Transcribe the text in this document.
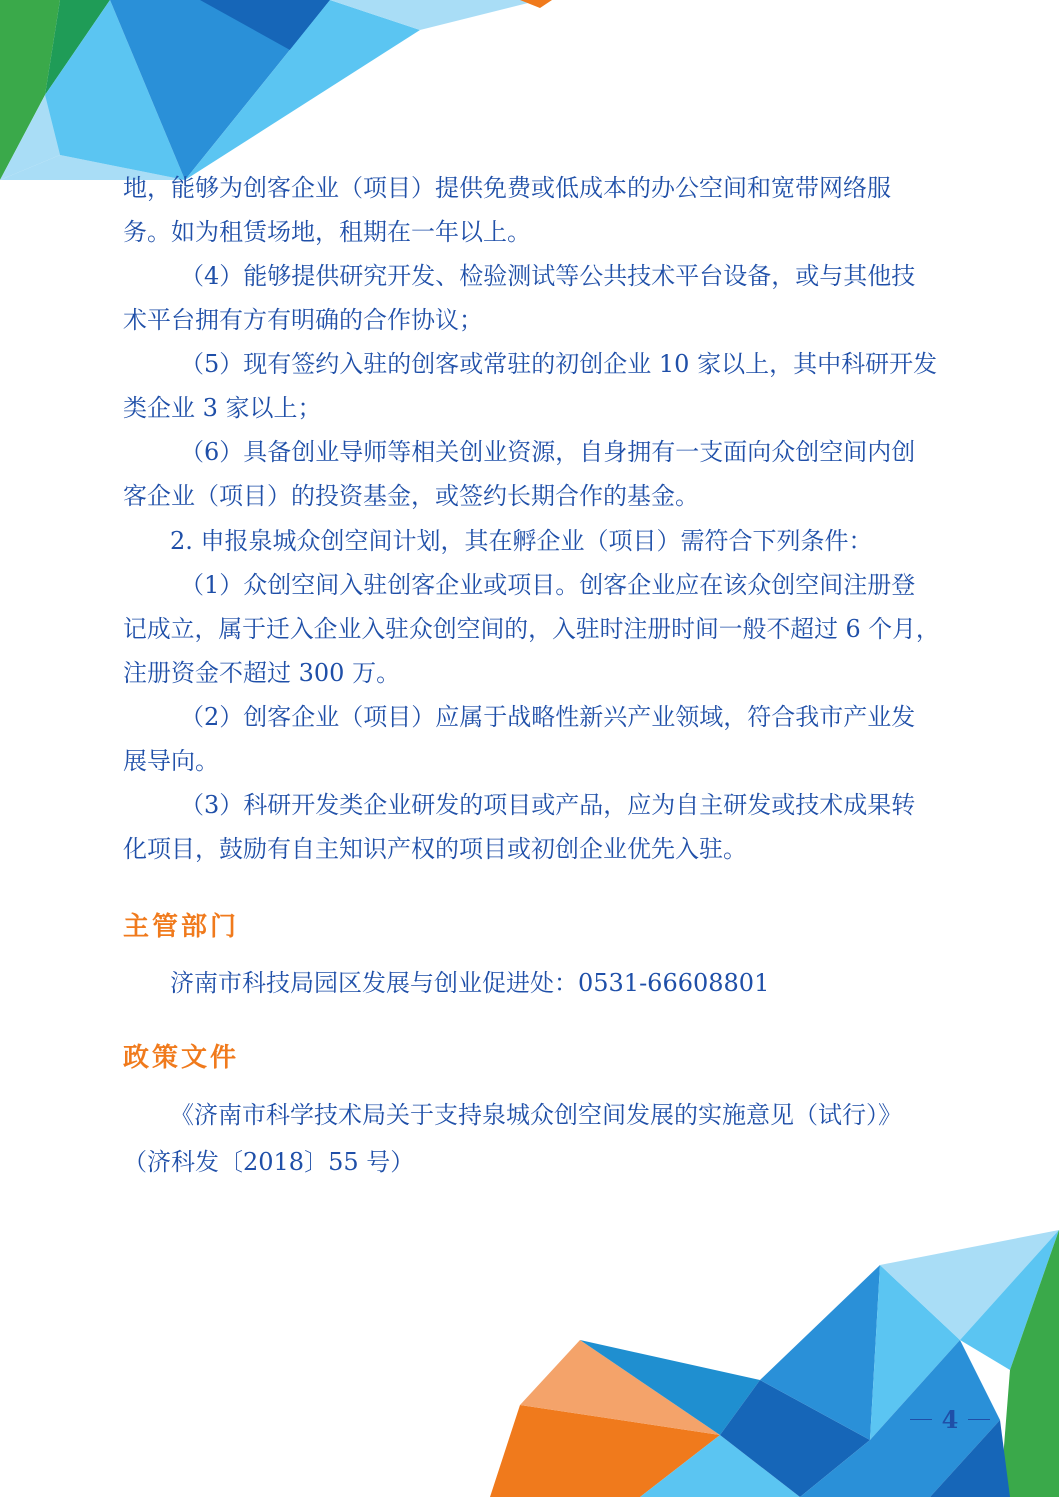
地，能够为创客企业（项目）提供免费或低成本的办公空间和宽带网络服
务。如为租赁场地，租期在一年以上。
（4）能够提供研究开发、检验测试等公共技术平台设备，或与其他技
术平台拥有方有明确的合作协议；
（5）现有签约入驻的创客或常驻的初创企业 10 家以上，其中科研开发
类企业 3 家以上；
（6）具备创业导师等相关创业资源，自身拥有一支面向众创空间内创
客企业（项目）的投资基金，或签约长期合作的基金。
2. 申报泉城众创空间计划，其在孵企业（项目）需符合下列条件：
（1）众创空间入驻创客企业或项目。创客企业应在该众创空间注册登
记成立，属于迁入企业入驻众创空间的，入驻时注册时间一般不超过 6 个月，
注册资金不超过 300 万。
（2）创客企业（项目）应属于战略性新兴产业领域，符合我市产业发
展导向。
（3）科研开发类企业研发的项目或产品，应为自主研发或技术成果转
化项目，鼓励有自主知识产权的项目或初创企业优先入驻。
主管部门
济南市科技局园区发展与创业促进处：0531-66608801
政策文件
《济南市科学技术局关于支持泉城众创空间发展的实施意见（试行）》
（济科发〔2018〕55 号）
4
